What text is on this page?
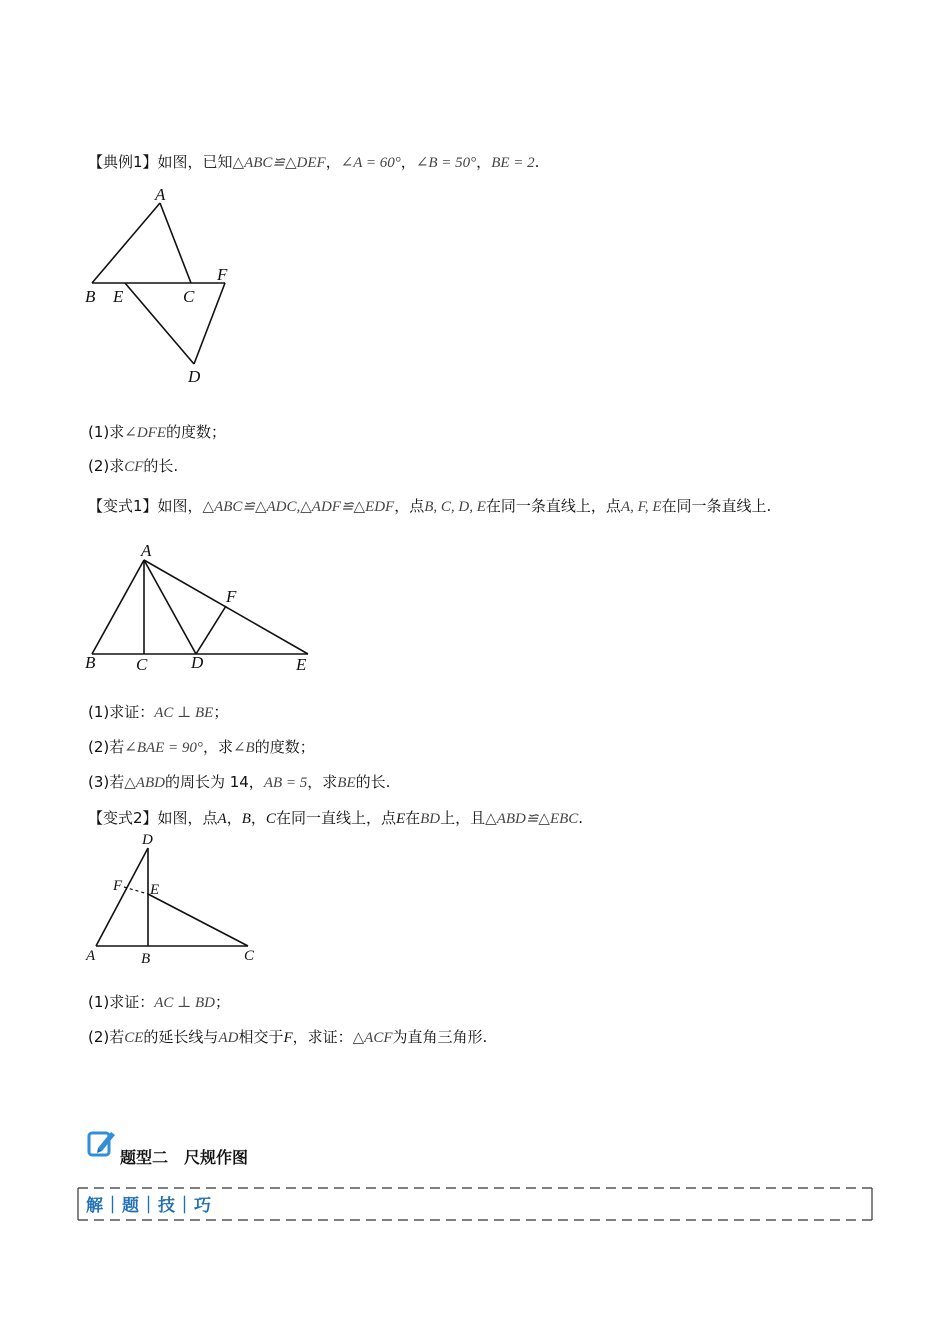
【典例1】如图，已知△ABC≌△DEF，∠A = 60°，∠B = 50°，BE = 2.
A
B E	C
F
D
(1)求∠DFE的度数；
(2)求CF的长.
【变式1】如图，△ABC≌△ADC,△ADF≌△EDF，点B, C, D, E在同一条直线上，点A, F, E在同一条直线上.
A
F
B C	D	E
(1)求证：AC ⊥ BE；
(2)若∠BAE = 90°，求∠B的度数；
(3)若△ABD的周长为 14，AB = 5，求BE的长.
【变式2】如图，点A，B，C在同一直线上，点E在BD上，且△ABD≌△EBC.
D
F E
A	B	C
(1)求证：AC ⊥ BD；
(2)若CE的延长线与AD相交于F，求证：△ACF为直角三角形.
题型二　尺规作图
解｜题｜技｜巧
